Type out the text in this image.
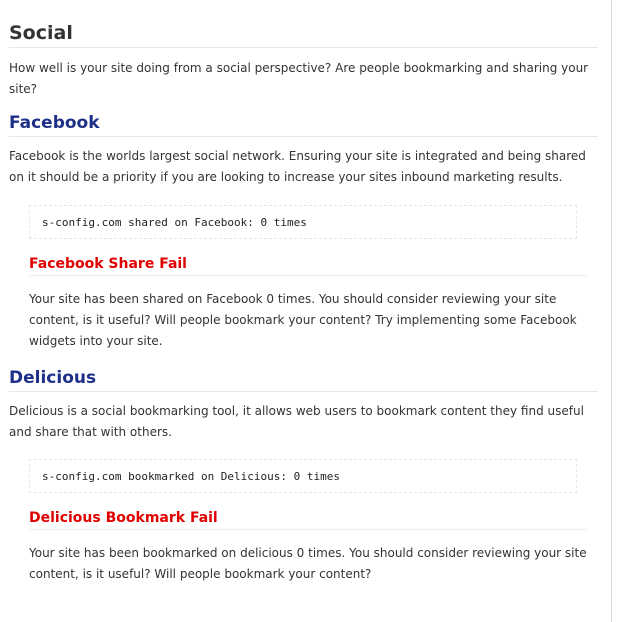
Social

How well is your site doing from a social perspective? Are people bookmarking and sharing your site?

Facebook

Facebook is the worlds largest social network. Ensuring your site is integrated and being shared on it should be a priority if you are looking to increase your sites inbound marketing results.

s-config.com shared on Facebook: 0 times
Facebook Share Fail

Your site has been shared on Facebook 0 times. You should consider reviewing your site content, is it useful? Will people bookmark your content? Try implementing some Facebook widgets into your site.

Delicious

Delicious is a social bookmarking tool, it allows web users to bookmark content they find useful and share that with others.

s-config.com bookmarked on Delicious: 0 times
Delicious Bookmark Fail

Your site has been bookmarked on delicious 0 times. You should consider reviewing your site content, is it useful? Will people bookmark your content?
